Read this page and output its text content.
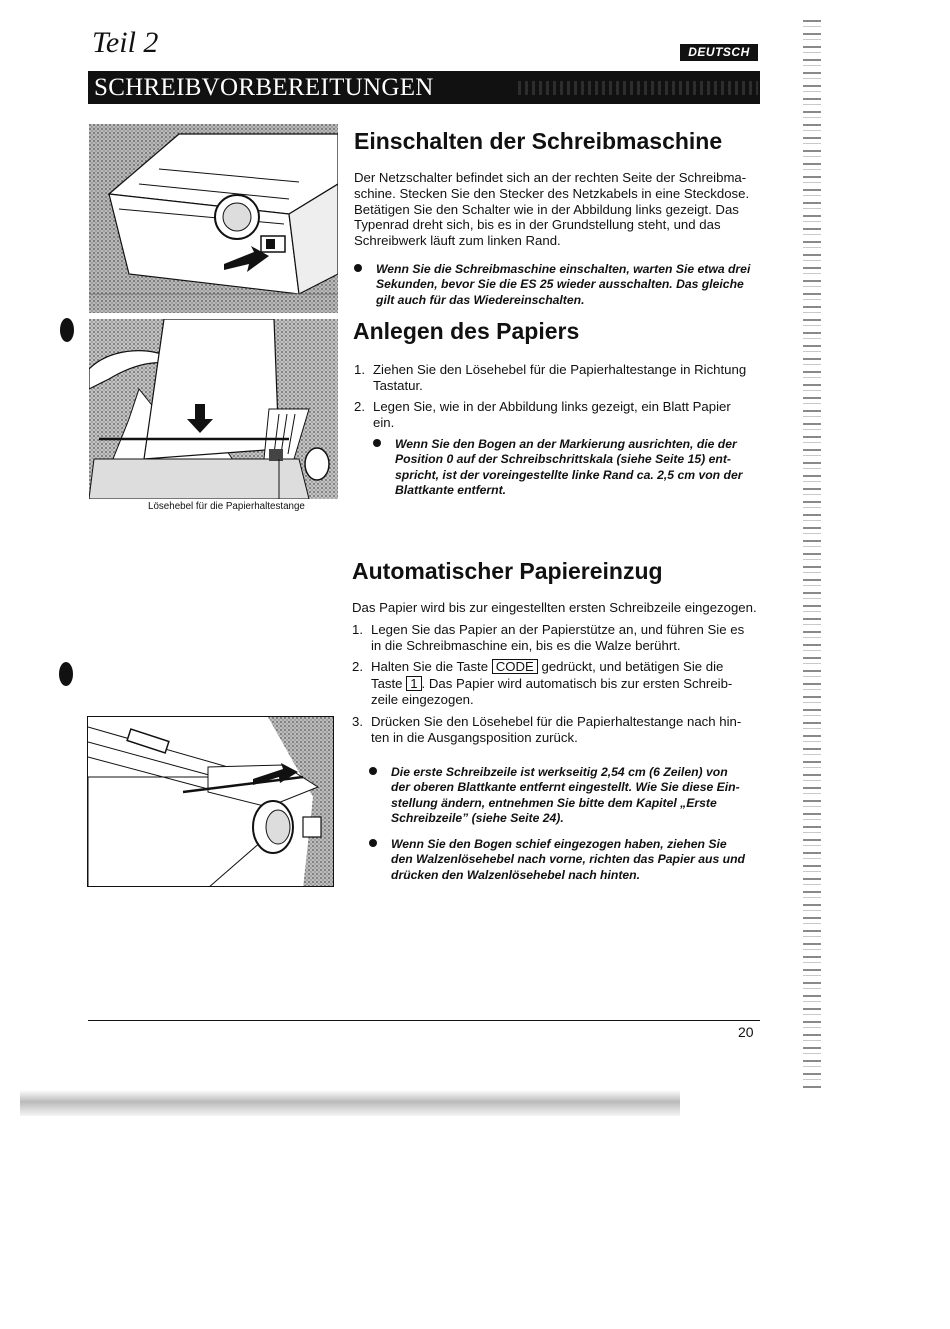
Teil 2	DEUTSCH
SCHREIBVORBEREITUNGEN
Einschalten der Schreibmaschine
Der Netzschalter befindet sich an der rechten Seite der Schreibma-
schine. Stecken Sie den Stecker des Netzkabels in eine Steckdose.
Betätigen Sie den Schalter wie in der Abbildung links gezeigt. Das
Typenrad dreht sich, bis es in der Grundstellung steht, und das
Schreibwerk läuft zum linken Rand.
Wenn Sie die Schreibmaschine einschalten, warten Sie etwa drei
Sekunden, bevor Sie die ES 25 wieder ausschalten. Das gleiche
gilt auch für das Wiedereinschalten.
Lösehebel für die Papierhaltestange
Anlegen des Papiers
1. Ziehen Sie den Lösehebel für die Papierhaltestange in Richtung
Tastatur.
2. Legen Sie, wie in der Abbildung links gezeigt, ein Blatt Papier
ein.
Wenn Sie den Bogen an der Markierung ausrichten, die der
Position 0 auf der Schreibschrittskala (siehe Seite 15) ent-
spricht, ist der voreingestellte linke Rand ca. 2,5 cm von der
Blattkante entfernt.
Automatischer Papiereinzug
Das Papier wird bis zur eingestellten ersten Schreibzeile eingezogen.
1. Legen Sie das Papier an der Papierstütze an, und führen Sie es
in die Schreibmaschine ein, bis es die Walze berührt.
2. Halten Sie die Taste CODE gedrückt, und betätigen Sie die
Taste 1 . Das Papier wird automatisch bis zur ersten Schreib-
zeile eingezogen.
3. Drücken Sie den Lösehebel für die Papierhaltestange nach hin-
ten in die Ausgangsposition zurück.
Die erste Schreibzeile ist werkseitig 2,54 cm (6 Zeilen) von
der oberen Blattkante entfernt eingestellt. Wie Sie diese Ein-
stellung ändern, entnehmen Sie bitte dem Kapitel „Erste
Schreibzeile” (siehe Seite 24).
Wenn Sie den Bogen schief eingezogen haben, ziehen Sie
den Walzenlösehebel nach vorne, richten das Papier aus und
drücken den Walzenlösehebel nach hinten.
20
